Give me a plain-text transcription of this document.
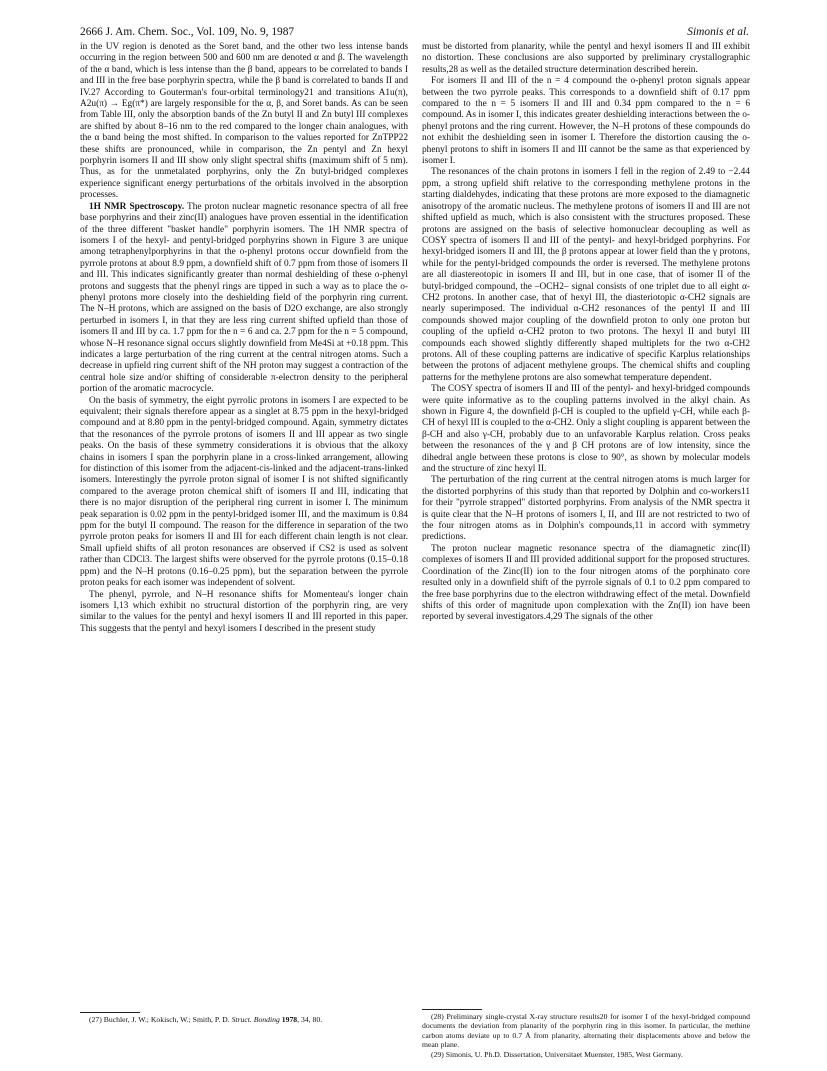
2666 J. Am. Chem. Soc., Vol. 109, No. 9, 1987	Simonis et al.

in the UV region is denoted as the Soret band, and the other two less intense bands occurring in the region between 500 and 600 nm are denoted α and β. The wavelength of the α band, which is less intense than the β band, appears to be correlated to bands I and III in the free base porphyrin spectra, while the β band is correlated to bands II and IV.27 According to Gouterman's four-orbital terminology21 and transitions A1u(π), A2u(π) → Eg(π*) are largely responsible for the α, β, and Soret bands. As can be seen from Table III, only the absorption bands of the Zn butyl II and Zn butyl III complexes are shifted by about 8–16 nm to the red compared to the longer chain analogues, with the α band being the most shifted. In comparison to the values reported for ZnTPP22 these shifts are pronounced, while in comparison, the Zn pentyl and Zn hexyl porphyrin isomers II and III show only slight spectral shifts (maximum shift of 5 nm). Thus, as for the unmetalated porphyrins, only the Zn butyl-bridged complexes experience significant energy perturbations of the orbitals involved in the absorption processes.

1H NMR Spectroscopy. The proton nuclear magnetic resonance spectra of all free base porphyrins and their zinc(II) analogues have proven essential in the identification of the three different "basket handle" porphyrin isomers. The 1H NMR spectra of isomers I of the hexyl- and pentyl-bridged porphyrins shown in Figure 3 are unique among tetraphenylporphyrins in that the o-phenyl protons occur downfield from the pyrrole protons at about 8.9 ppm, a downfield shift of 0.7 ppm from those of isomers II and III. This indicates significantly greater than normal deshielding of these o-phenyl protons and suggests that the phenyl rings are tipped in such a way as to place the o-phenyl protons more closely into the deshielding field of the porphyrin ring current. The N–H protons, which are assigned on the basis of D2O exchange, are also strongly perturbed in isomers I, in that they are less ring current shifted upfield than those of isomers II and III by ca. 1.7 ppm for the n = 6 and ca. 2.7 ppm for the n = 5 compound, whose N–H resonance signal occurs slightly downfield from Me4Si at +0.18 ppm. This indicates a large perturbation of the ring current at the central nitrogen atoms. Such a decrease in upfield ring current shift of the NH proton may suggest a contraction of the central hole size and/or shifting of considerable π-electron density to the peripheral portion of the aromatic macrocycle.

On the basis of symmetry, the eight pyrrolic protons in isomers I are expected to be equivalent; their signals therefore appear as a singlet at 8.75 ppm in the hexyl-bridged compound and at 8.80 ppm in the pentyl-bridged compound. Again, symmetry dictates that the resonances of the pyrrole protons of isomers II and III appear as two single peaks. On the basis of these symmetry considerations it is obvious that the alkoxy chains in isomers I span the porphyrin plane in a cross-linked arrangement, allowing for distinction of this isomer from the adjacent-cis-linked and the adjacent-trans-linked isomers. Interestingly the pyrrole proton signal of isomer I is not shifted significantly compared to the average proton chemical shift of isomers II and III, indicating that there is no major disruption of the peripheral ring current in isomer I. The minimum peak separation is 0.02 ppm in the pentyl-bridged isomer III, and the maximum is 0.84 ppm for the butyl II compound. The reason for the difference in separation of the two pyrrole proton peaks for isomers II and III for each different chain length is not clear. Small upfield shifts of all proton resonances are observed if CS2 is used as solvent rather than CDCl3. The largest shifts were observed for the pyrrole protons (0.15–0.18 ppm) and the N–H protons (0.16–0.25 ppm), but the separation between the pyrrole proton peaks for each isomer was independent of solvent.

The phenyl, pyrrole, and N–H resonance shifts for Momenteau's longer chain isomers I,13 which exhibit no structural distortion of the porphyrin ring, are very similar to the values for the pentyl and hexyl isomers II and III reported in this paper. This suggests that the pentyl and hexyl isomers I described in the present study

must be distorted from planarity, while the pentyl and hexyl isomers II and III exhibit no distortion. These conclusions are also supported by preliminary crystallographic results,28 as well as the detailed structure determination described herein.

For isomers II and III of the n = 4 compound the o-phenyl proton signals appear between the two pyrrole peaks. This corresponds to a downfield shift of 0.17 ppm compared to the n = 5 isomers II and III and 0.34 ppm compared to the n = 6 compound. As in isomer I, this indicates greater deshielding interactions between the o-phenyl protons and the ring current. However, the N–H protons of these compounds do not exhibit the deshielding seen in isomer I. Therefore the distortion causing the o-phenyl protons to shift in isomers II and III cannot be the same as that experienced by isomer I.

The resonances of the chain protons in isomers I fell in the region of 2.49 to −2.44 ppm, a strong upfield shift relative to the corresponding methylene protons in the starting dialdehydes, indicating that these protons are more exposed to the diamagnetic anisotropy of the aromatic nucleus. The methylene protons of isomers II and III are not shifted upfield as much, which is also consistent with the structures proposed. These protons are assigned on the basis of selective homonuclear decoupling as well as COSY spectra of isomers II and III of the pentyl- and hexyl-bridged porphyrins. For hexyl-bridged isomers II and III, the β protons appear at lower field than the γ protons, while for the pentyl-bridged compounds the order is reversed. The methylene protons are all diastereotopic in isomers II and III, but in one case, that of isomer II of the butyl-bridged compound, the –OCH2– signal consists of one triplet due to all eight α-CH2 protons. In another case, that of hexyl III, the diasteriotopic α-CH2 signals are nearly superimposed. The individual α-CH2 resonances of the pentyl II and III compounds showed major coupling of the downfield proton to only one proton but coupling of the upfield α-CH2 proton to two protons. The hexyl II and butyl III compounds each showed slightly differently shaped multiplets for the two α-CH2 protons. All of these coupling patterns are indicative of specific Karplus relationships between the protons of adjacent methylene groups. The chemical shifts and coupling patterns for the methylene protons are also somewhat temperature dependent.

The COSY spectra of isomers II and III of the pentyl- and hexyl-bridged compounds were quite informative as to the coupling patterns involved in the alkyl chain. As shown in Figure 4, the downfield β-CH is coupled to the upfield γ-CH, while each β-CH of hexyl III is coupled to the α-CH2. Only a slight coupling is apparent between the β-CH and also γ-CH, probably due to an unfavorable Karplus relation. Cross peaks between the resonances of the γ and β CH protons are of low intensity, since the dihedral angle between these protons is close to 90°, as shown by molecular models and the structure of zinc hexyl II.

The perturbation of the ring current at the central nitrogen atoms is much larger for the distorted porphyrins of this study than that reported by Dolphin and co-workers11 for their "pyrrole strapped" distorted porphyrins. From analysis of the NMR spectra it is quite clear that the N–H protons of isomers I, II, and III are not restricted to two of the four nitrogen atoms as in Dolphin's compounds,11 in accord with symmetry predictions.

The proton nuclear magnetic resonance spectra of the diamagnetic zinc(II) complexes of isomers II and III provided additional support for the proposed structures. Coordination of the Zinc(II) ion to the four nitrogen atoms of the porphinato core resulted only in a downfield shift of the pyrrole signals of 0.1 to 0.2 ppm compared to the free base porphyrins due to the electron withdrawing effect of the metal. Downfield shifts of this order of magnitude upon complexation with the Zn(II) ion have been reported by several investigators.4,29 The signals of the other

(27) Buchler, J. W.; Kokisch, W.; Smith, P. D. Struct. Bonding 1978, 34, 80.	(28) Preliminary single-crystal X-ray structure results20 for isomer I of the hexyl-bridged compound documents the deviation from planarity of the porphyrin ring in this isomer. In particular, the methine carbon atoms deviate up to 0.7 Å from planarity, alternating their displacements above and below the mean plane.

(29) Simonis, U. Ph.D. Dissertation, Universitaet Muenster, 1985, West Germany.
